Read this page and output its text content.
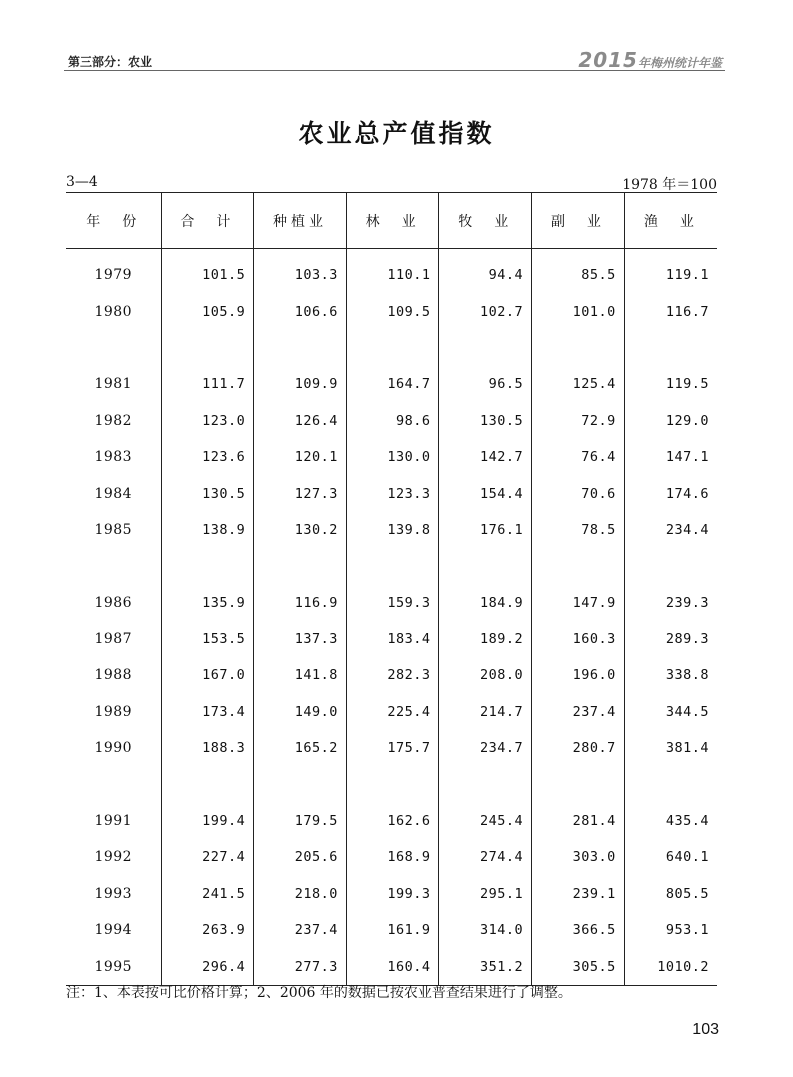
第三部分：农业	2015年梅州统计年鉴
农业总产值指数
3—4	1978 年＝100
年　份	合　计	种植业	林　业	牧　业	副　业	渔　业
1979	101.5	103.3	110.1	94.4	85.5	119.1
1980	105.9	106.6	109.5	102.7	101.0	116.7

1981	111.7	109.9	164.7	96.5	125.4	119.5
1982	123.0	126.4	98.6	130.5	72.9	129.0
1983	123.6	120.1	130.0	142.7	76.4	147.1
1984	130.5	127.3	123.3	154.4	70.6	174.6
1985	138.9	130.2	139.8	176.1	78.5	234.4

1986	135.9	116.9	159.3	184.9	147.9	239.3
1987	153.5	137.3	183.4	189.2	160.3	289.3
1988	167.0	141.8	282.3	208.0	196.0	338.8
1989	173.4	149.0	225.4	214.7	237.4	344.5
1990	188.3	165.2	175.7	234.7	280.7	381.4

1991	199.4	179.5	162.6	245.4	281.4	435.4
1992	227.4	205.6	168.9	274.4	303.0	640.1
1993	241.5	218.0	199.3	295.1	239.1	805.5
1994	263.9	237.4	161.9	314.0	366.5	953.1
1995	296.4	277.3	160.4	351.2	305.5	1010.2
注：1、本表按可比价格计算；2、2006 年的数据已按农业普查结果进行了调整。
103
